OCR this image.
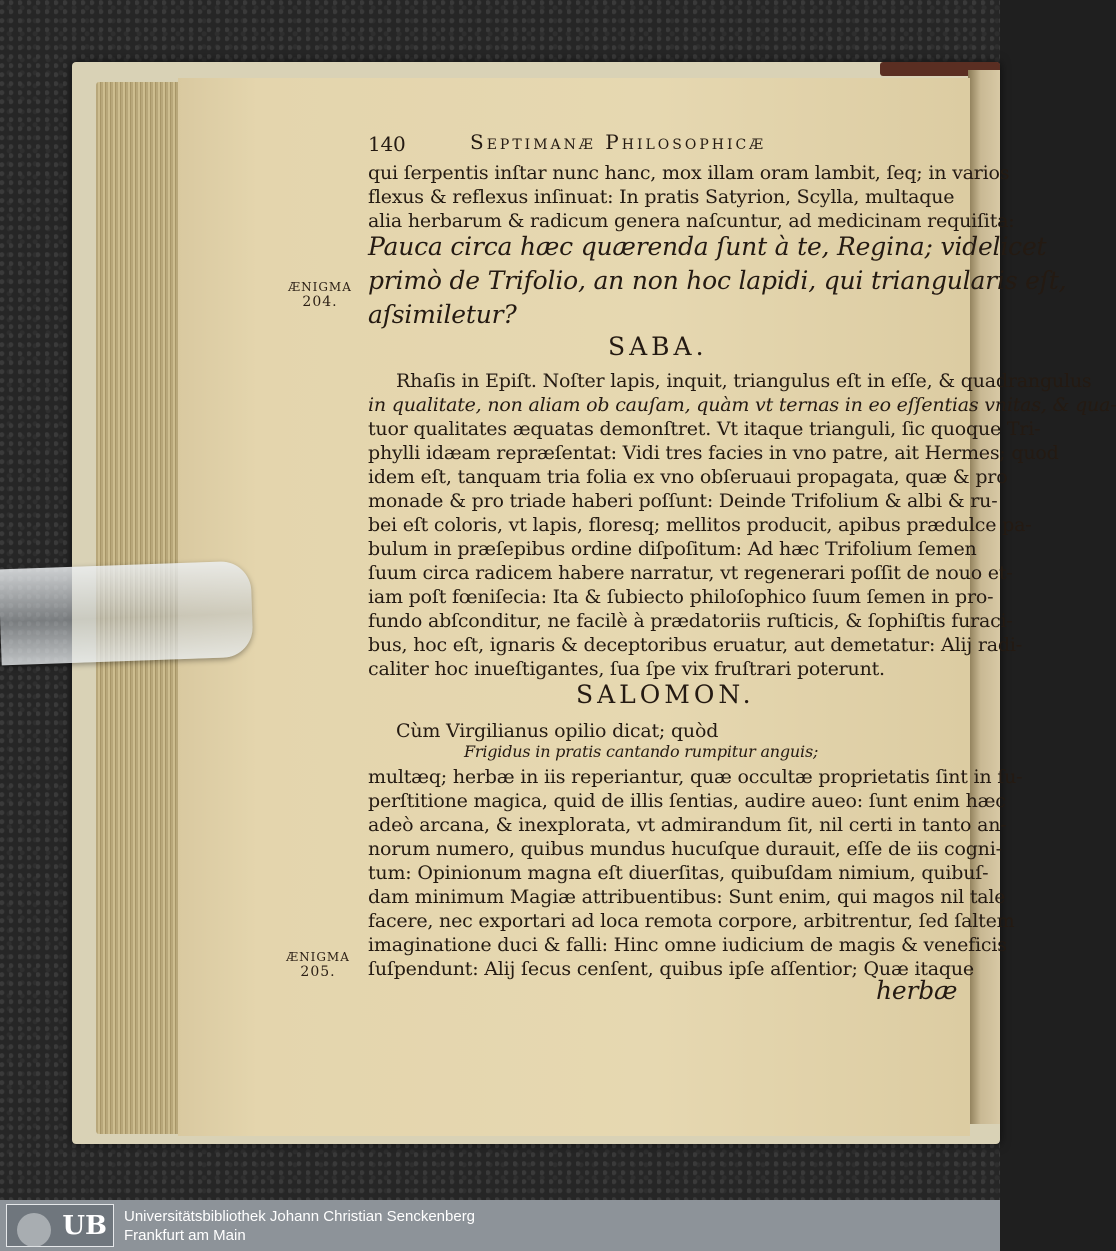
140	Septimanæ Philosophicæ
qui ſerpentis inſtar nunc hanc, mox illam oram lambit, ſeq; in varios
flexus & reflexus inſinuat: In pratis Satyrion, Scylla, multaque
alia herbarum & radicum genera naſcuntur, ad medicinam requiſita:
Pauca circa hæc quærenda ſunt à te, Regina; videlicet
primò de Trifolio, an non hoc lapidi, qui triangularis eſt,
aſsimiletur?
SABA.
Rhaſis in Epiſt. Noſter lapis, inquit, triangulus eſt in eſſe, & quadrangulus
in qualitate, non aliam ob cauſam, quàm vt ternas in eo eſſentias vnitas, & qua-
tuor qualitates æquatas demonſtret. Vt itaque trianguli, ſic quoque Tri-
phylli idæam repræſentat: Vidi tres facies in vno patre, ait Hermes; quod
idem eſt, tanquam tria folia ex vno obſeruaui propagata, quæ & pro
monade & pro triade haberi poſſunt: Deinde Trifolium & albi & ru-
bei eſt coloris, vt lapis, floresq; mellitos producit, apibus prædulce pa-
bulum in præſepibus ordine diſpoſitum: Ad hæc Trifolium ſemen
ſuum circa radicem habere narratur, vt regenerari poſſit de nouo et-
iam poſt fœniſecia: Ita & ſubiecto philoſophico ſuum ſemen in pro-
fundo abſconditur, ne facilè à prædatoriis ruſticis, & ſophiſtis furaci-
bus, hoc eſt, ignaris & deceptoribus eruatur, aut demetatur: Alij radi-
caliter hoc inueſtigantes, ſua ſpe vix fruſtrari poterunt.
SALOMON.
Cùm Virgilianus opilio dicat; quòd
Frigidus in pratis cantando rumpitur anguis;
multæq; herbæ in iis reperiantur, quæ occultæ proprietatis ſint in ſu-
perſtitione magica, quid de illis ſentias, audire aueo: ſunt enim hæc
adeò arcana, & inexplorata, vt admirandum ſit, nil certi in tanto an-
norum numero, quibus mundus hucuſque durauit, eſſe de iis cogni-
tum: Opinionum magna eſt diuerſitas, quibuſdam nimium, quibuſ-
dam minimum Magiæ attribuentibus: Sunt enim, qui magos nil tale
facere, nec exportari ad loca remota corpore, arbitrentur, ſed ſaltem
imaginatione duci & falli: Hinc omne iudicium de magis & veneficis
ſuſpendunt: Alij ſecus cenſent, quibus ipſe aſſentior; Quæ itaque
herbæ
ÆNIGMA
204.
ÆNIGMA
205.
UB	Universitätsbibliothek Johann Christian Senckenberg
Frankfurt am Main
